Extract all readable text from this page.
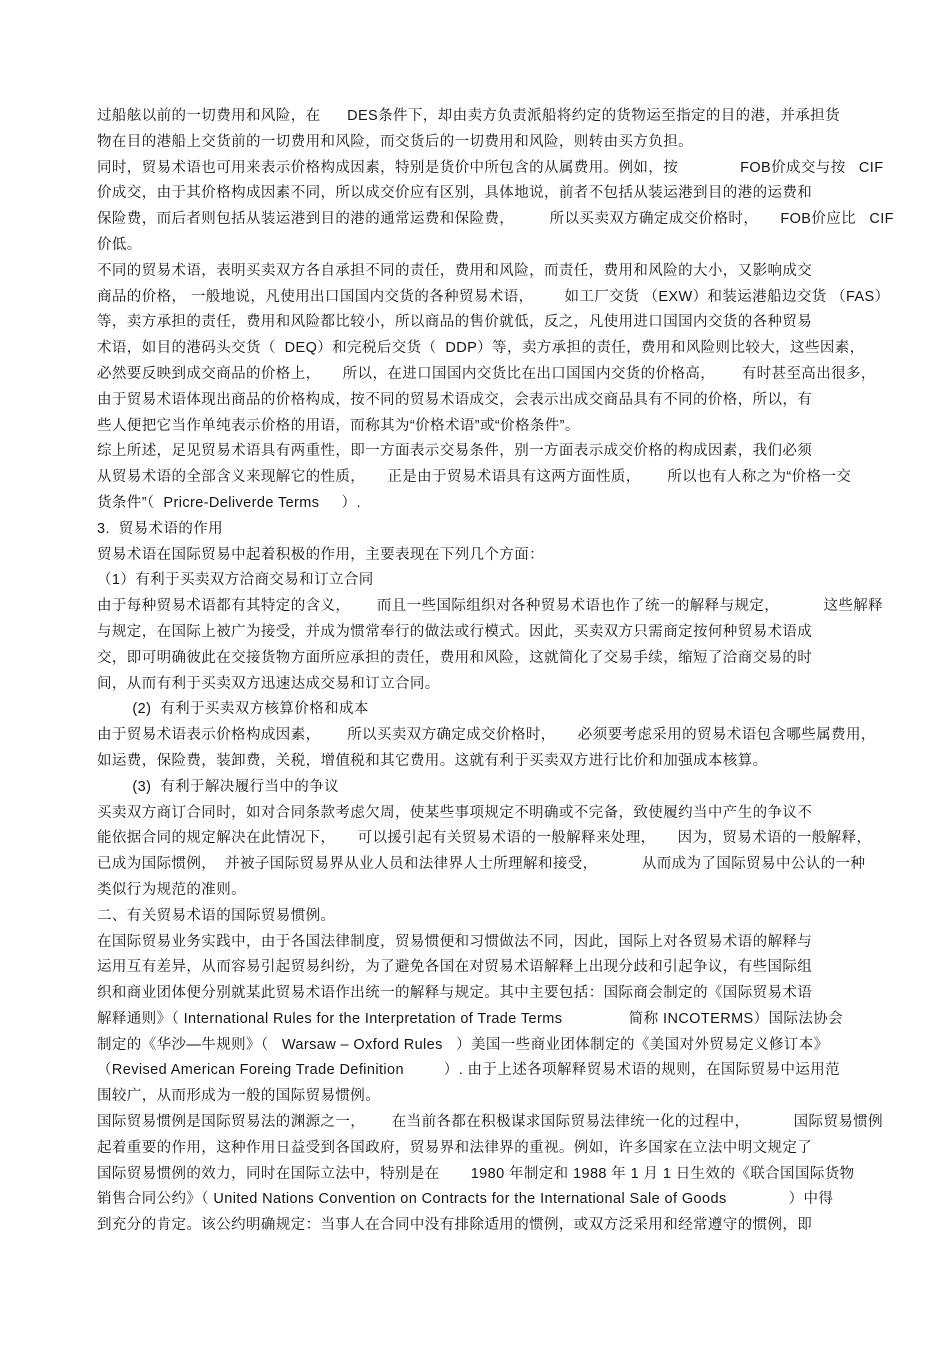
过船舷以前的一切费用和风险，在      DES条件下，却由卖方负责派船将约定的货物运至指定的目的港，并承担货
物在目的港船上交货前的一切费用和风险，而交货后的一切费用和风险，则转由买方负担。
同时，贸易术语也可用来表示价格构成因素，特别是货价中所包含的从属费用。例如，按              FOB价成交与按   CIF
价成交，由于其价格构成因素不同，所以成交价应有区别，具体地说，前者不包括从装运港到目的港的运费和
保险费，而后者则包括从装运港到目的港的通常运费和保险费，        所以买卖双方确定成交价格时，     FOB价应比   CIF
价低。
不同的贸易术语，表明买卖双方各自承担不同的责任，费用和风险，而责任，费用和风险的大小，又影响成交
商品的价格， 一般地说，凡使用出口国国内交货的各种贸易术语，       如工厂交货 （EXW）和装运港船边交货 （FAS）
等，卖方承担的责任，费用和风险都比较小，所以商品的售价就低，反之，凡使用进口国国内交货的各种贸易
术语，如目的港码头交货（  DEQ）和完税后交货（  DDP）等，卖方承担的责任，费用和风险则比较大，这些因素，
必然要反映到成交商品的价格上，     所以，在进口国国内交货比在出口国国内交货的价格高，      有时甚至高出很多，
由于贸易术语体现出商品的价格构成，按不同的贸易术语成交，会表示出成交商品具有不同的价格，所以，有
些人便把它当作单纯表示价格的用语，而称其为“价格术语”或“价格条件”。
综上所述，足见贸易术语具有两重性，即一方面表示交易条件，别一方面表示成交价格的构成因素，我们必须
从贸易术语的全部含义来现解它的性质，     正是由于贸易术语具有这两方面性质，      所以也有人称之为“价格一交
货条件”（  Pricre-Deliverde Terms     ）.
3.  贸易术语的作用
贸易术语在国际贸易中起着积极的作用，主要表现在下列几个方面：
（1）有利于买卖双方洽商交易和订立合同
由于每种贸易术语都有其特定的含义，      而且一些国际组织对各种贸易术语也作了统一的解释与规定，          这些解释
与规定，在国际上被广为接受，并成为惯常奉行的做法或行模式。因此，买卖双方只需商定按何种贸易术语成
交，即可明确彼此在交接货物方面所应承担的责任，费用和风险，这就简化了交易手续，缩短了洽商交易的时
间，从而有利于买卖双方迅速达成交易和订立合同。
(2)  有利于买卖双方核算价格和成本
由于贸易术语表示价格构成因素，      所以买卖双方确定成交价格时，     必须要考虑采用的贸易术语包含哪些属费用，
如运费，保险费，装卸费，关税，增值税和其它费用。这就有利于买卖双方进行比价和加强成本核算。
(3)  有利于解决履行当中的争议
买卖双方商订合同时，如对合同条款考虑欠周，使某些事项规定不明确或不完备，致使履约当中产生的争议不
能依据合同的规定解决在此情况下，     可以援引起有关贸易术语的一般解释来处理，     因为，贸易术语的一般解释，
已成为国际惯例，  并被子国际贸易界从业人员和法律界人士所理解和接受，          从而成为了国际贸易中公认的一种
类似行为规范的准则。
二、有关贸易术语的国际贸易惯例。
在国际贸易业务实践中，由于各国法律制度，贸易惯便和习惯做法不同，因此，国际上对各贸易术语的解释与
运用互有差异，从而容易引起贸易纠纷，为了避免各国在对贸易术语解释上出现分歧和引起争议，有些国际组
织和商业团体便分别就某此贸易术语作出统一的解释与规定。其中主要包括：国际商会制定的《国际贸易术语
解释通则》（ International Rules for the Interpretation of Trade Terms               简称 INCOTERMS）国际法协会
制定的《华沙—牛规则》（   Warsaw – Oxford Rules   ）美国一些商业团体制定的《美国对外贸易定义修订本》
（Revised American Foreing Trade Definition         ）. 由于上述各项解释贸易术语的规则，在国际贸易中运用范
围较广，从而形成为一般的国际贸易惯例。
国际贸易惯例是国际贸易法的渊源之一，      在当前各都在积极谋求国际贸易法律统一化的过程中，          国际贸易惯例
起着重要的作用，这种作用日益受到各国政府，贸易界和法律界的重视。例如，许多国家在立法中明文规定了
国际贸易惯例的效力，同时在国际立法中，特别是在       1980 年制定和 1988 年 1 月 1 日生效的《联合国国际货物
销售合同公约》（ United Nations Convention on Contracts for the International Sale of Goods              ）中得
到充分的肯定。该公约明确规定：当事人在合同中没有排除适用的惯例，或双方泛采用和经常遵守的惯例，即
